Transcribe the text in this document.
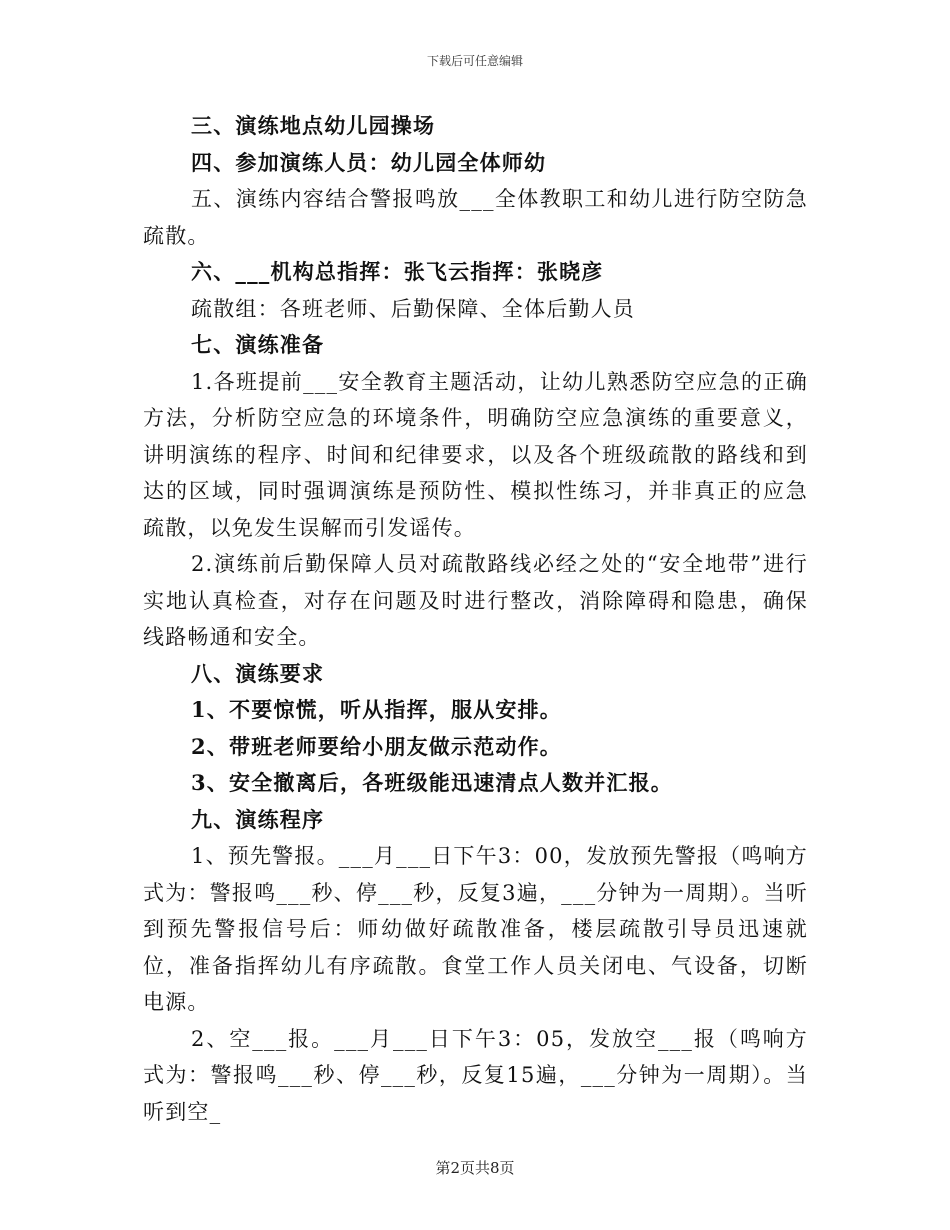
下载后可任意编辑

三、演练地点幼儿园操场

四、参加演练人员：幼儿园全体师幼

五、演练内容结合警报鸣放___全体教职工和幼儿进行防空防急疏散。

六、___机构总指挥：张飞云指挥：张晓彦

疏散组：各班老师、后勤保障、全体后勤人员

七、演练准备

1.各班提前___安全教育主题活动，让幼儿熟悉防空应急的正确方法，分析防空应急的环境条件，明确防空应急演练的重要意义，讲明演练的程序、时间和纪律要求，以及各个班级疏散的路线和到达的区域，同时强调演练是预防性、模拟性练习，并非真正的应急疏散，以免发生误解而引发谣传。

2.演练前后勤保障人员对疏散路线必经之处的“安全地带”进行实地认真检查，对存在问题及时进行整改，消除障碍和隐患，确保线路畅通和安全。

八、演练要求

1、不要惊慌，听从指挥，服从安排。

2、带班老师要给小朋友做示范动作。

3、安全撤离后，各班级能迅速清点人数并汇报。

九、演练程序

1、预先警报。___月___日下午3：00，发放预先警报（鸣响方式为：警报鸣___秒、停___秒，反复3遍，___分钟为一周期）。当听到预先警报信号后：师幼做好疏散准备，楼层疏散引导员迅速就位，准备指挥幼儿有序疏散。食堂工作人员关闭电、气设备，切断电源。

2、空___报。___月___日下午3：05，发放空___报（鸣响方式为：警报鸣___秒、停___秒，反复15遍，___分钟为一周期）。当听到空_

第2页共8页
